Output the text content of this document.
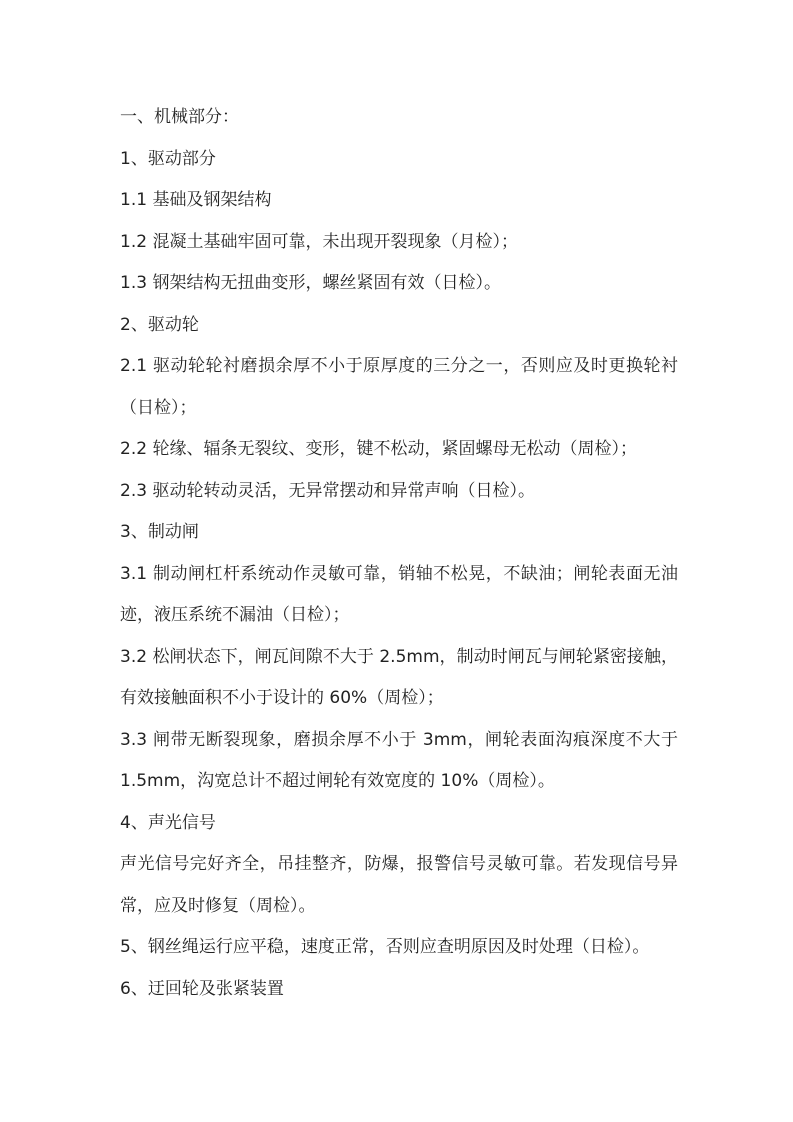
一、机械部分：

1、驱动部分

1.1 基础及钢架结构

1.2 混凝土基础牢固可靠，未出现开裂现象（月检）；

1.3 钢架结构无扭曲变形，螺丝紧固有效（日检）。

2、驱动轮

2.1 驱动轮轮衬磨损余厚不小于原厚度的三分之一，否则应及时更换轮衬（日检）；

2.2 轮缘、辐条无裂纹、变形，键不松动，紧固螺母无松动（周检）；

2.3 驱动轮转动灵活，无异常摆动和异常声响（日检）。

3、制动闸

3.1 制动闸杠杆系统动作灵敏可靠，销轴不松晃，不缺油；闸轮表面无油迹，液压系统不漏油（日检）；

3.2 松闸状态下，闸瓦间隙不大于 2.5mm，制动时闸瓦与闸轮紧密接触，有效接触面积不小于设计的 60%（周检）；

3.3 闸带无断裂现象，磨损余厚不小于 3mm，闸轮表面沟痕深度不大于 1.5mm，沟宽总计不超过闸轮有效宽度的 10%（周检）。

4、声光信号

声光信号完好齐全，吊挂整齐，防爆，报警信号灵敏可靠。若发现信号异常，应及时修复（周检）。

5、钢丝绳运行应平稳，速度正常，否则应查明原因及时处理（日检）。

6、迂回轮及张紧装置
